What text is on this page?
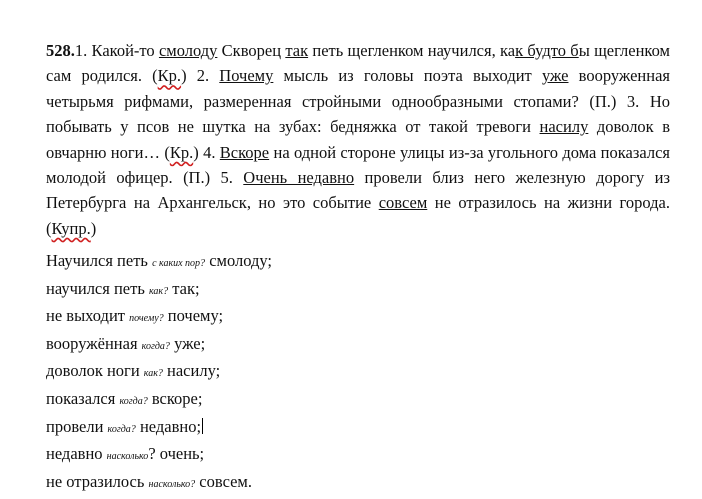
528.1. Какой-то смолоду Скворец так петь щегленком научился, как будто бы щегленком сам родился. (Кр.) 2. Почему мысль из головы поэта выходит уже вооруженная четырьмя рифмами, размеренная стройными однообразными стопами? (П.) 3. Но побывать у псов не шутка на зубах: бедняжка от такой тревоги насилу доволок в овчарню ноги… (Кр.) 4. Вскоре на одной стороне улицы из-за угольного дома показался молодой офицер. (П.) 5. Очень недавно провели близ него железную дорогу из Петербурга на Архангельск, но это событие совсем не отразилось на жизни города. (Купр.)
Научился петь с каких пор? смолоду;
научился петь как? так;
не выходит почему? почему;
вооружённая когда? уже;
доволок ноги как? насилу;
показался когда? вскоре;
провели когда? недавно;
недавно насколько? очень;
не отразилось насколько? совсем.
